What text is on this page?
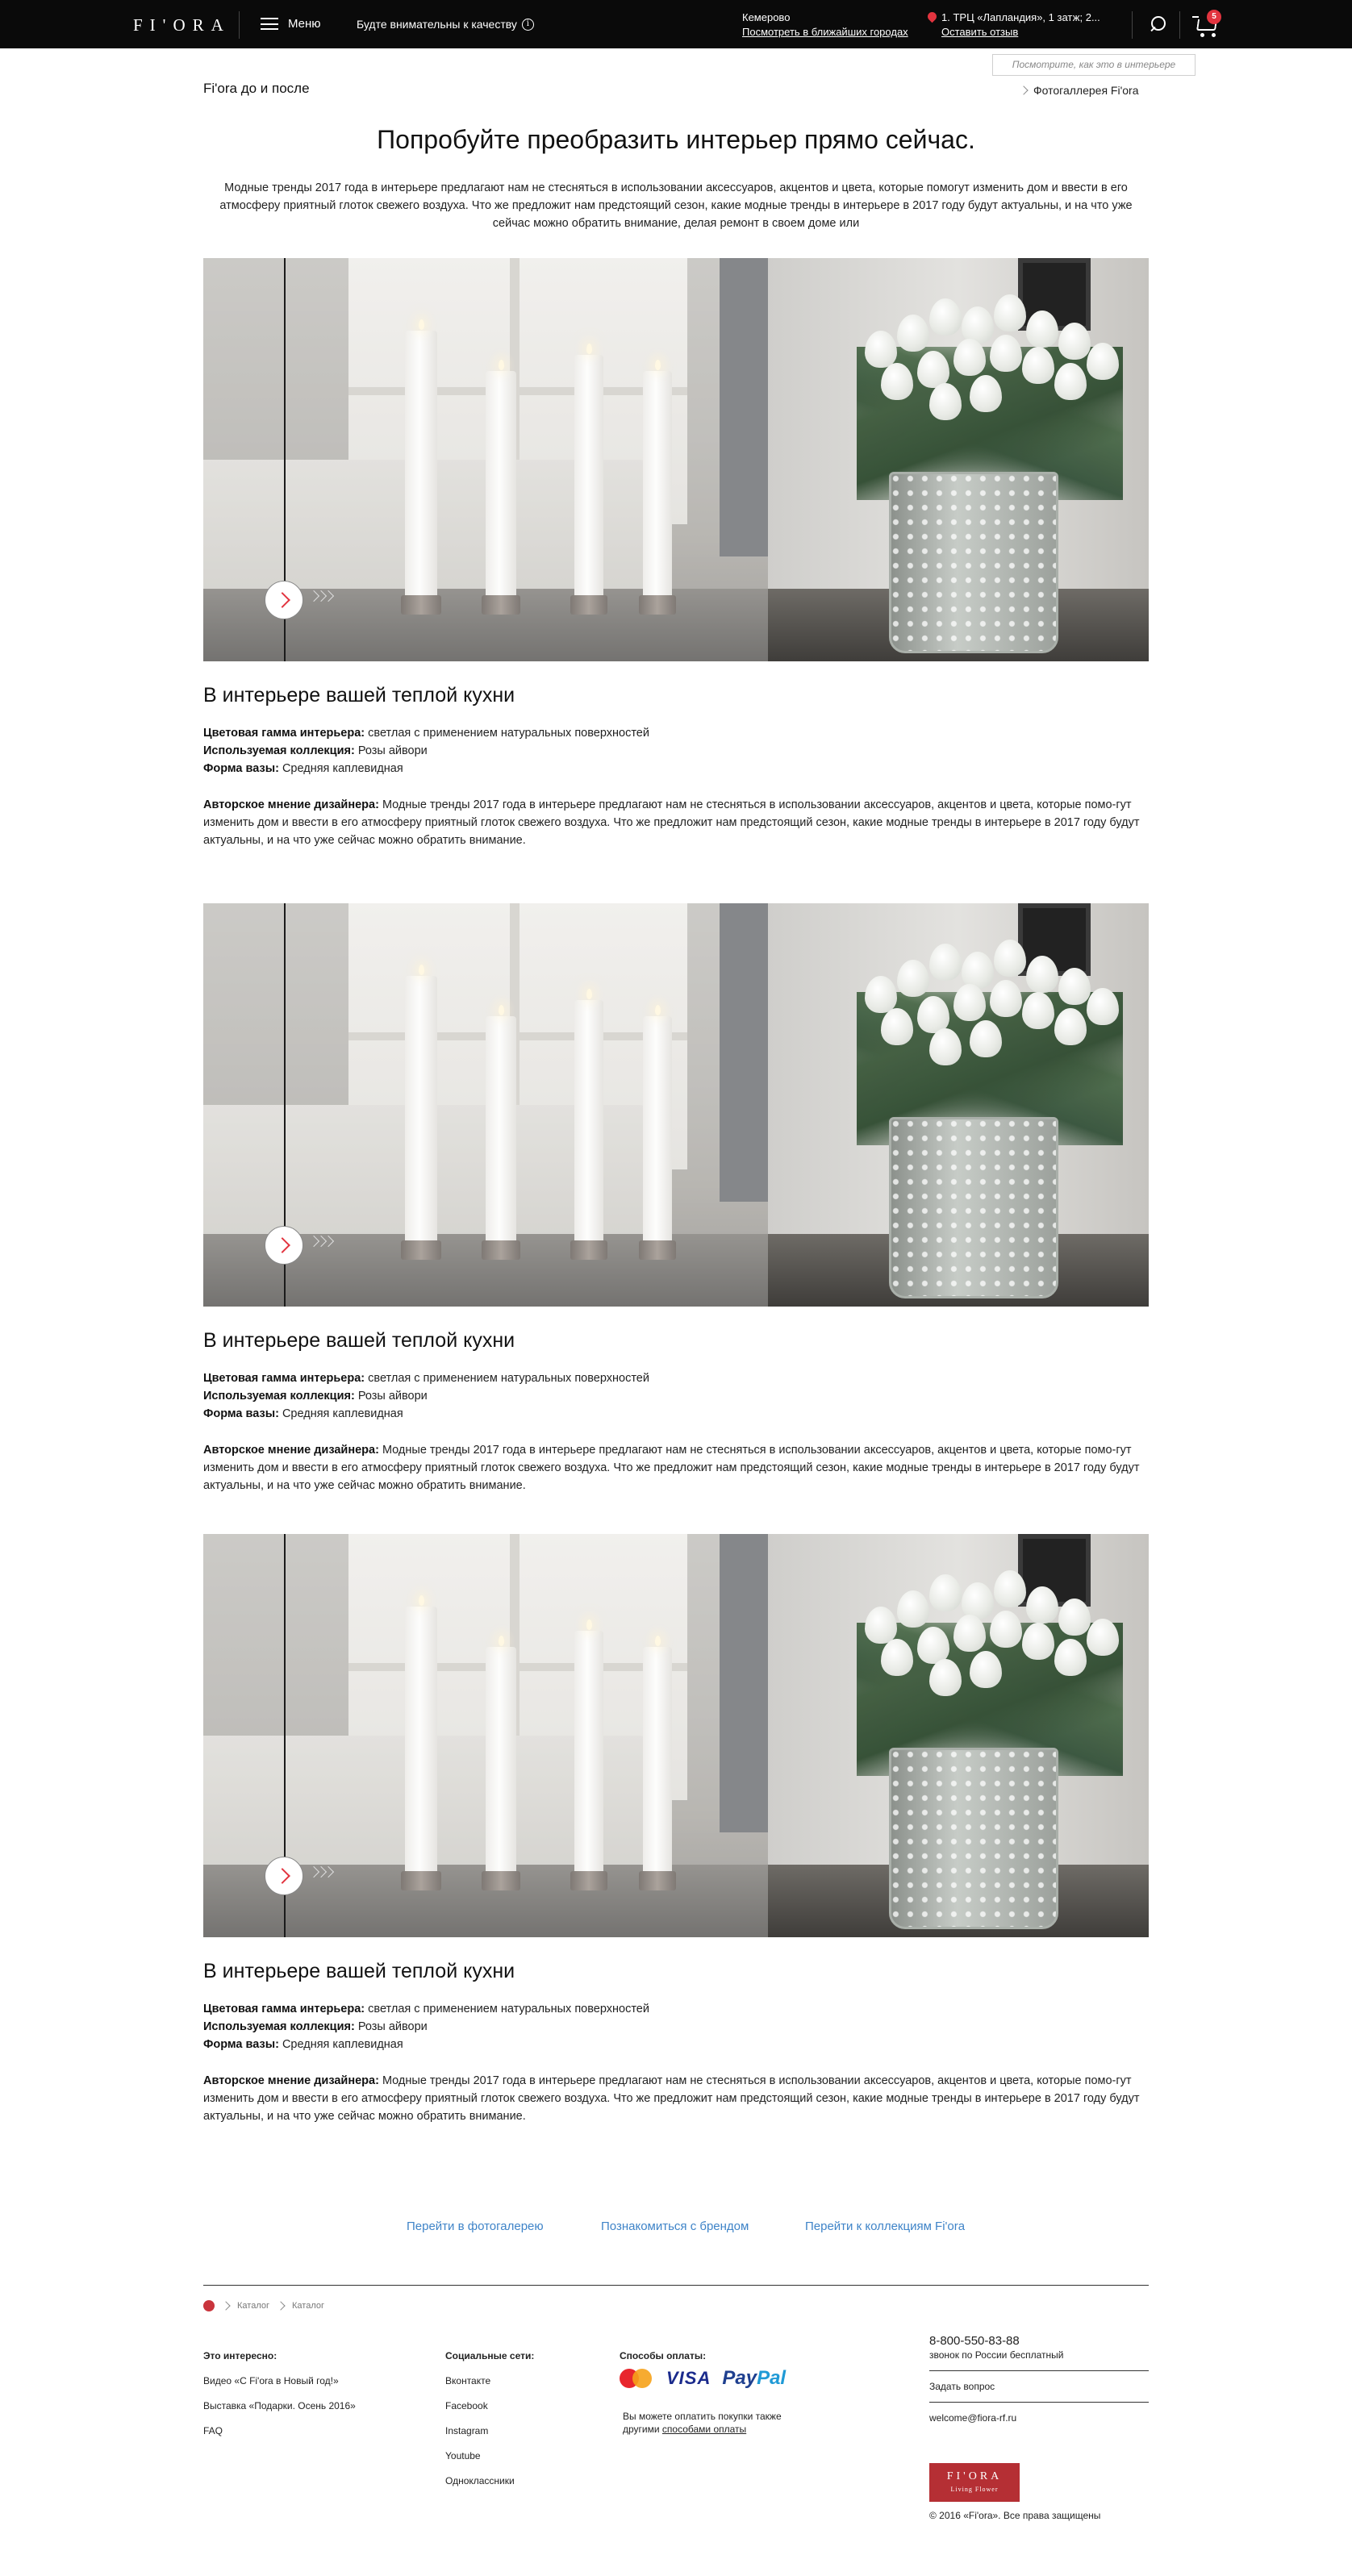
FI'ORA	Меню	Будте внимательны к качеству	i	Кемерово
Посмотреть в ближайших городах
1. ТРЦ «Лапландия», 1 затж; 2...
Оставить отзыв
5
Посмотрите, как это в интерьере
Fi'ora до и после	Фотогаллерея Fi'ora
Попробуйте преобразить интерьер прямо сейчас.

Модные тренды 2017 года в интерьере предлагают нам не стесняться в использовании аксессуаров, акцентов и цвета, которые помогут изменить дом и ввести в его атмосферу приятный глоток свежего воздуха. Что же предложит нам предстоящий сезон, какие модные тренды в интерьере в 2017 году будут актуальны, и на что уже сейчас можно обратить внимание, делая ремонт в своем доме или

В интерьере вашей теплой кухни
Цветовая гамма интерьера: светлая с применением натуральных поверхностей
Используемая коллекция: Розы айвори
Форма вазы: Средняя каплевидная
Авторское мнение дизайнера: Модные тренды 2017 года в интерьере предлагают нам не стесняться в использовании аксессуаров, акцентов и цвета, которые помо-гут изменить дом и ввести в его атмосферу приятный глоток свежего воздуха. Что же предложит нам предстоящий сезон, какие модные тренды в интерьере в 2017 году будут актуальны, и на что уже сейчас можно обратить внимание.
В интерьере вашей теплой кухни
Цветовая гамма интерьера: светлая с применением натуральных поверхностей
Используемая коллекция: Розы айвори
Форма вазы: Средняя каплевидная
Авторское мнение дизайнера: Модные тренды 2017 года в интерьере предлагают нам не стесняться в использовании аксессуаров, акцентов и цвета, которые помо-гут изменить дом и ввести в его атмосферу приятный глоток свежего воздуха. Что же предложит нам предстоящий сезон, какие модные тренды в интерьере в 2017 году будут актуальны, и на что уже сейчас можно обратить внимание.
В интерьере вашей теплой кухни
Цветовая гамма интерьера: светлая с применением натуральных поверхностей
Используемая коллекция: Розы айвори
Форма вазы: Средняя каплевидная
Авторское мнение дизайнера: Модные тренды 2017 года в интерьере предлагают нам не стесняться в использовании аксессуаров, акцентов и цвета, которые помо-гут изменить дом и ввести в его атмосферу приятный глоток свежего воздуха. Что же предложит нам предстоящий сезон, какие модные тренды в интерьере в 2017 году будут актуальны, и на что уже сейчас можно обратить внимание.
Перейти в фотогалерею	Познакомиться с брендом	Перейти к коллекциям Fi'ora
Каталог	Каталог
Это интересно:
Видео «С Fi'ora в Новый год!»
Выставка «Подарки. Осень 2016»
FAQ
Социальные сети:
Вконтакте
Facebook
Instagram
Youtube
Одноклассники
Способы оплаты:
VISA PayPal
Вы можете оплатить покупки также
другими способами оплаты
8-800-550-83-88
звонок по России бесплатный
Задать вопрос
welcome@fiora-rf.ru
FI'ORA
Living Flower
© 2016 «Fi'ora». Все права защищены
